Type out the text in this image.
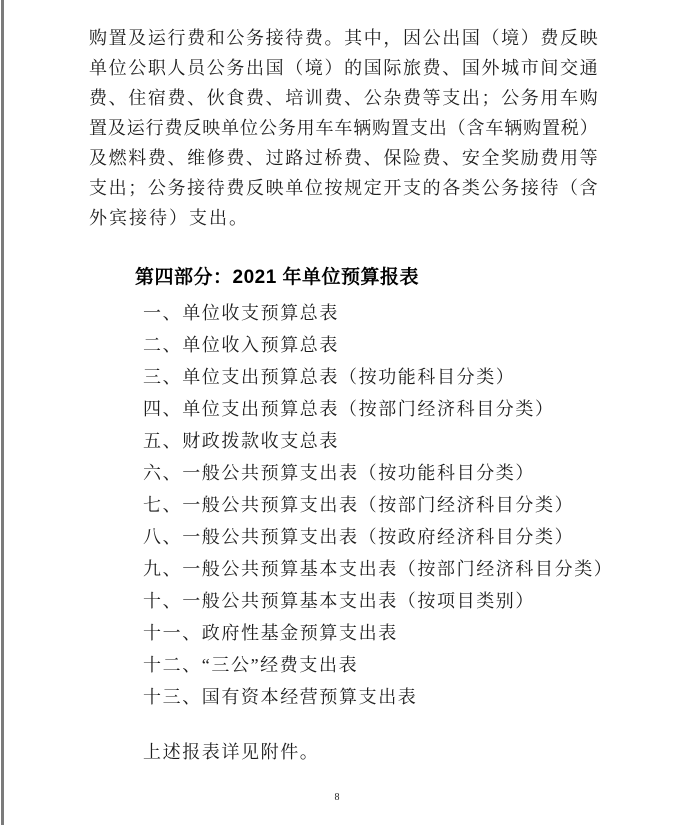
购 置 及 运 行 费 和 公 务 接 待 费 。 其 中 ， 因 公 出 国 （ 境 ） 费 反 映
单 位 公 职 人 员 公 务 出 国 （ 境 ） 的 国 际 旅 费 、 国 外 城 市 间 交 通
费 、 住 宿 费 、 伙 食 费 、 培 训 费 、 公 杂 费 等 支 出 ； 公 务 用 车 购
置 及 运 行 费 反 映 单 位 公 务 用 车 车 辆 购 置 支 出 （ 含 车 辆 购 置 税 ）
及 燃 料 费 、 维 修 费 、 过 路 过 桥 费 、 保 险 费 、 安 全 奖 励 费 用 等
支 出 ； 公 务 接 待 费 反 映 单 位 按 规 定 开 支 的 各 类 公 务 接 待 （ 含
外宾接待）支出。
第四部分：2021 年单位预算报表
一、单位收支预算总表
二、单位收入预算总表
三、单位支出预算总表（按功能科目分类）
四、单位支出预算总表（按部门经济科目分类）
五、财政拨款收支总表
六、一般公共预算支出表（按功能科目分类）
七、一般公共预算支出表（按部门经济科目分类）
八、一般公共预算支出表（按政府经济科目分类）
九、一般公共预算基本支出表（按部门经济科目分类）
十、一般公共预算基本支出表（按项目类别）
十一、政府性基金预算支出表
十二、“三公”经费支出表
十三、国有资本经营预算支出表
上述报表详见附件。
8
